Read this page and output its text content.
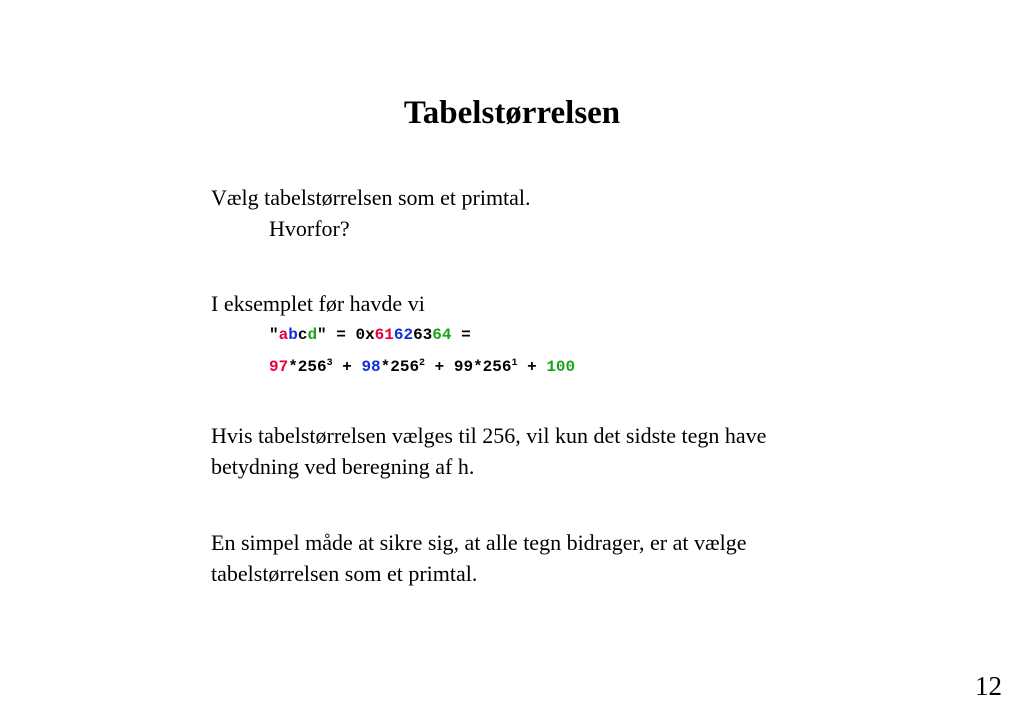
Tabelstørrelsen
Vælg tabelstørrelsen som et primtal.
Hvorfor?
I eksemplet før havde vi
"abcd" = 0x61626364 =
$97*256^3 + 98*256^2 + 99*256^1 + 100$
Hvis tabelstørrelsen vælges til 256, vil kun det sidste tegn have
betydning ved beregning af h.
En simpel måde at sikre sig, at alle tegn bidrager, er at vælge
tabelstørrelsen som et primtal.
12
